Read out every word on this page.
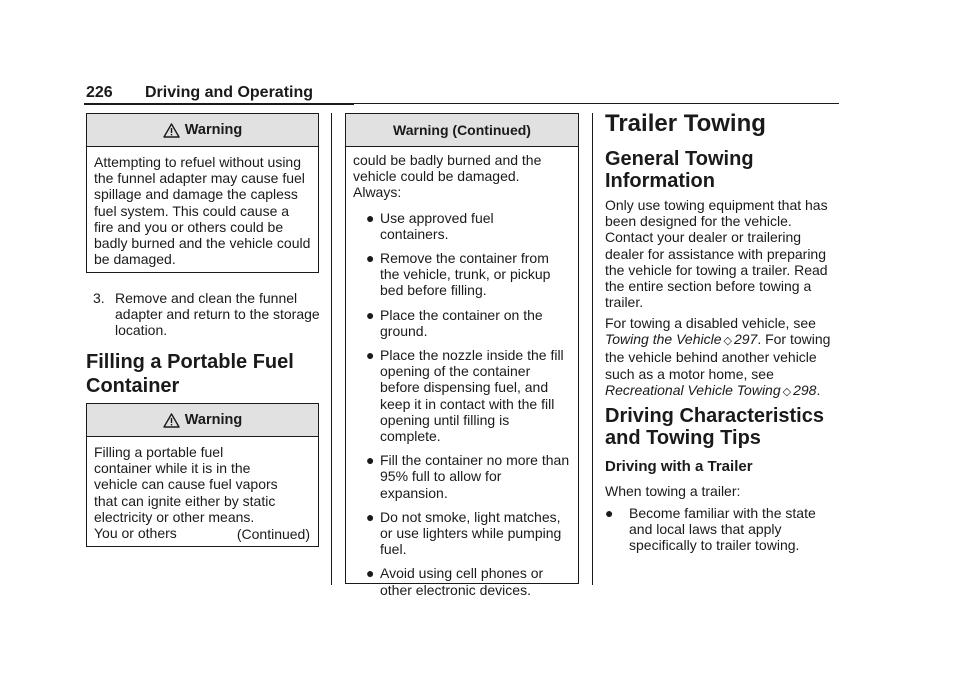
226 Driving and Operating
Warning

Attempting to refuel without using the funnel adapter may cause fuel spillage and damage the capless fuel system. This could cause a fire and you or others could be badly burned and the vehicle could be damaged.

3. Remove and clean the funnel adapter and return to the storage location.

Filling a Portable Fuel Container
Warning

Filling a portable fuel container while it is in the vehicle can cause fuel vapors that can ignite either by static electricity or other means. You or others	(Continued)
Warning (Continued)

could be badly burned and the vehicle could be damaged. Always:

● Use approved fuel containers.
● Remove the container from the vehicle, trunk, or pickup bed before filling.
● Place the container on the ground.
● Place the nozzle inside the fill opening of the container before dispensing fuel, and keep it in contact with the fill opening until filling is complete.
● Fill the container no more than 95% full to allow for expansion.
● Do not smoke, light matches, or use lighters while pumping fuel.
● Avoid using cell phones or other electronic devices.
Trailer Towing
General Towing Information
Only use towing equipment that has been designed for the vehicle. Contact your dealer or trailering dealer for assistance with preparing the vehicle for towing a trailer. Read the entire section before towing a trailer.
For towing a disabled vehicle, see
Towing the Vehicle ◇ 297. For towing the vehicle behind another vehicle such as a motor home, see Recreational Vehicle Towing ◇ 298.
Driving Characteristics and Towing Tips
Driving with a Trailer
When towing a trailer:
●	Become familiar with the state and local laws that apply specifically to trailer towing.
